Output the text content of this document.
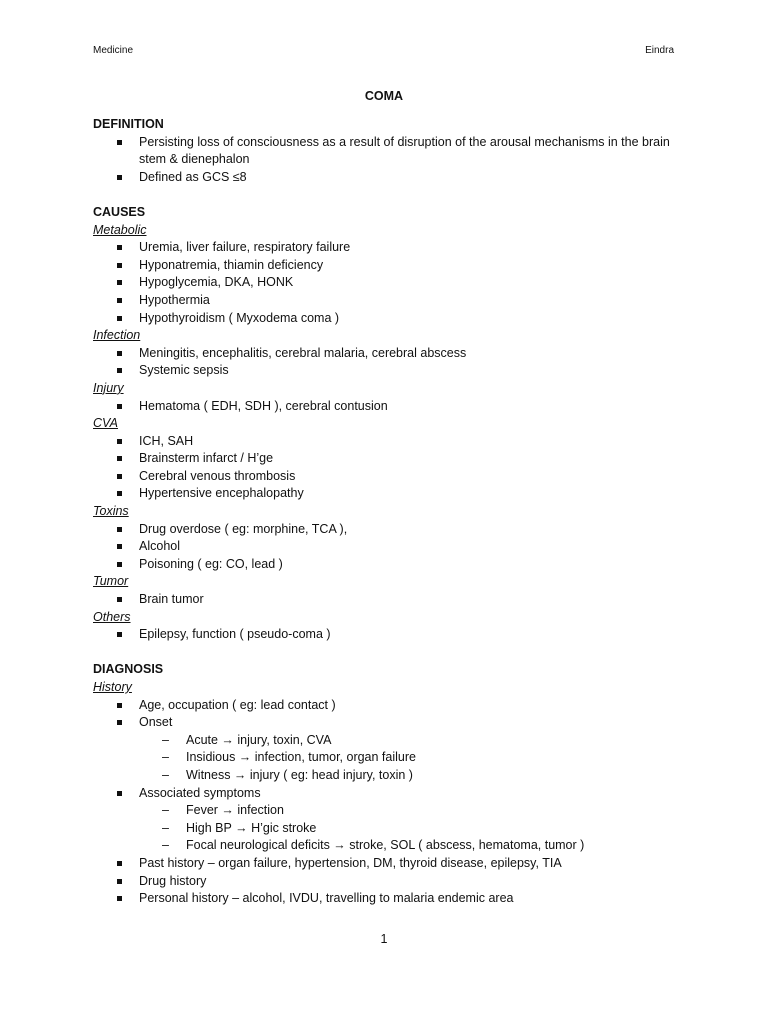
Medicine	Eindra
COMA
DEFINITION
Persisting loss of consciousness as a result of disruption of the arousal mechanisms in the brain stem & dienephalon
Defined as GCS ≤8
CAUSES
Metabolic
Uremia, liver failure, respiratory failure
Hyponatremia, thiamin deficiency
Hypoglycemia, DKA, HONK
Hypothermia
Hypothyroidism ( Myxodema coma )
Infection
Meningitis, encephalitis, cerebral malaria, cerebral abscess
Systemic sepsis
Injury
Hematoma ( EDH, SDH ), cerebral contusion
CVA
ICH, SAH
Brainsterm infarct / H’ge
Cerebral venous thrombosis
Hypertensive encephalopathy
Toxins
Drug overdose ( eg: morphine, TCA ),
Alcohol
Poisoning ( eg: CO, lead )
Tumor
Brain tumor
Others
Epilepsy, function ( pseudo-coma )
DIAGNOSIS
History
Age, occupation ( eg: lead contact )
Onset
– Acute → injury, toxin, CVA
– Insidious → infection, tumor, organ failure
– Witness → injury ( eg: head injury, toxin )
Associated symptoms
– Fever → infection
– High BP → H’gic stroke
– Focal neurological deficits → stroke, SOL ( abscess, hematoma, tumor )
Past history – organ failure, hypertension, DM, thyroid disease, epilepsy, TIA
Drug history
Personal history – alcohol, IVDU, travelling to malaria endemic area
1
